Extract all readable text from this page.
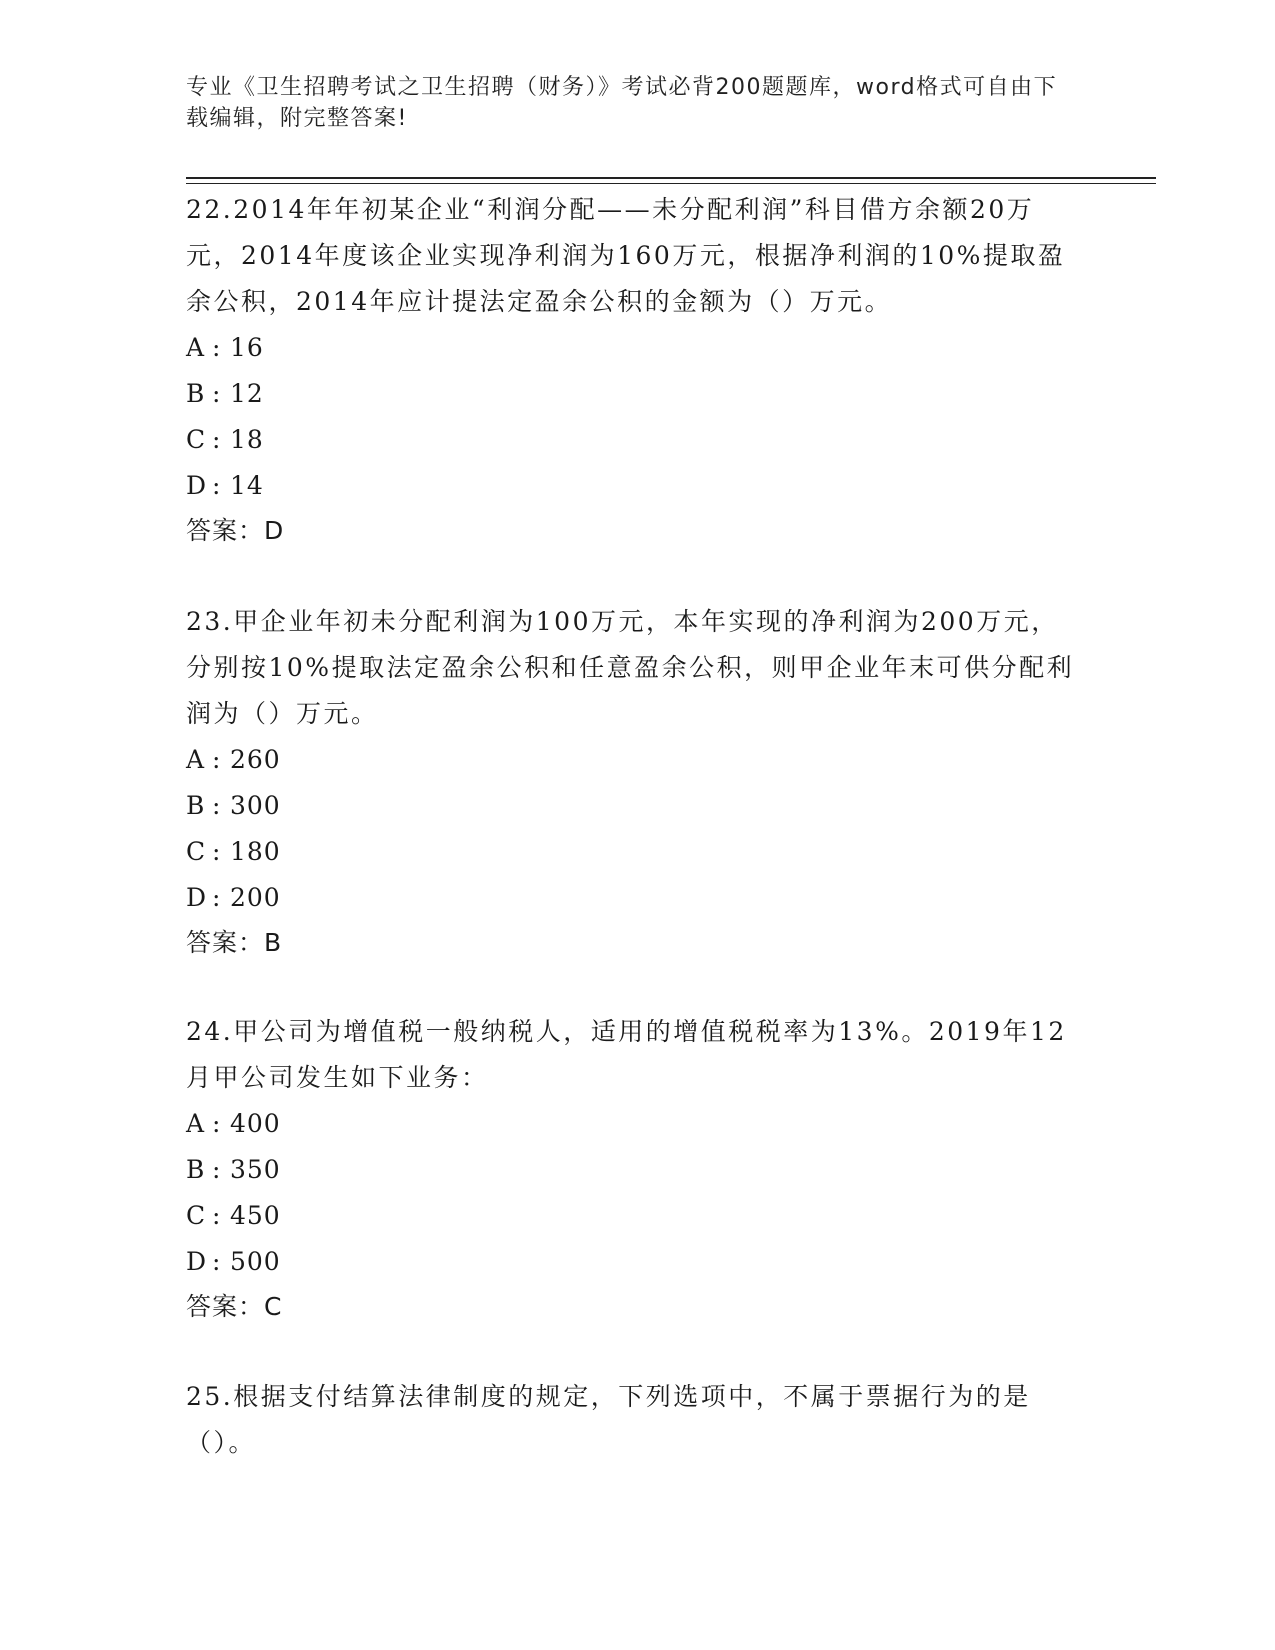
专业《卫生招聘考试之卫生招聘（财务）》考试必背200题题库，word格式可自由下载编辑，附完整答案!

22.2014年年初某企业“利润分配——未分配利润”科目借方余额20万元，2014年度该企业实现净利润为160万元，根据净利润的10%提取盈余公积，2014年应计提法定盈余公积的金额为（）万元。

A : 16
B : 12
C : 18
D : 14
答案：D

23.甲企业年初未分配利润为100万元，本年实现的净利润为200万元，分别按10%提取法定盈余公积和任意盈余公积，则甲企业年末可供分配利润为（）万元。

A : 260
B : 300
C : 180
D : 200
答案：B

24.甲公司为增值税一般纳税人，适用的增值税税率为13%。2019年12月甲公司发生如下业务：

A : 400
B : 350
C : 450
D : 500
答案：C

25.根据支付结算法律制度的规定，下列选项中，不属于票据行为的是（）。
